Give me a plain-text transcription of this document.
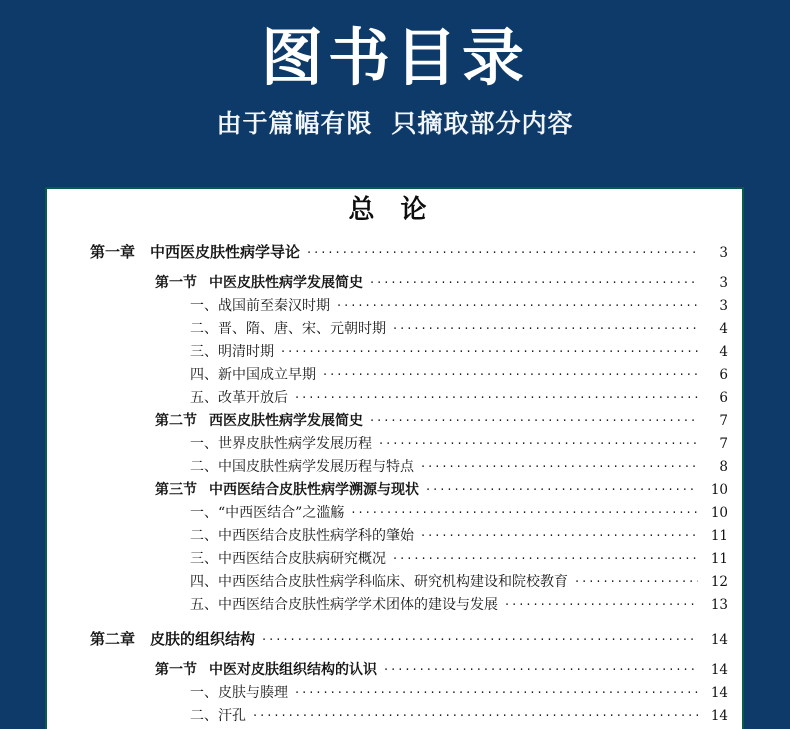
图书目录
由于篇幅有限 只摘取部分内容
总　论
第一章 中西医皮肤性病学导论 ·····	3
第一节 中医皮肤性病学发展简史 ·····	3
一、战国前至秦汉时期 ·····	3
二、晋、隋、唐、宋、元朝时期 ·····	4
三、明清时期 ·····	4
四、新中国成立早期 ·····	6
五、改革开放后 ·····	6
第二节 西医皮肤性病学发展简史 ·····	7
一、世界皮肤性病学发展历程 ·····	7
二、中国皮肤性病学发展历程与特点 ·····	8
第三节 中西医结合皮肤性病学溯源与现状 ·····	10
一、“中西医结合”之滥觞 ·····	10
二、中西医结合皮肤性病学科的肇始 ·····	11
三、中西医结合皮肤病研究概况 ·····	11
四、中西医结合皮肤性病学科临床、研究机构建设和院校教育 ·····	12
五、中西医结合皮肤性病学学术团体的建设与发展 ·····	13
第二章 皮肤的组织结构 ·····	14
第一节 中医对皮肤组织结构的认识 ·····	14
一、皮肤与腠理 ·····	14
二、汗孔 ·····	14
